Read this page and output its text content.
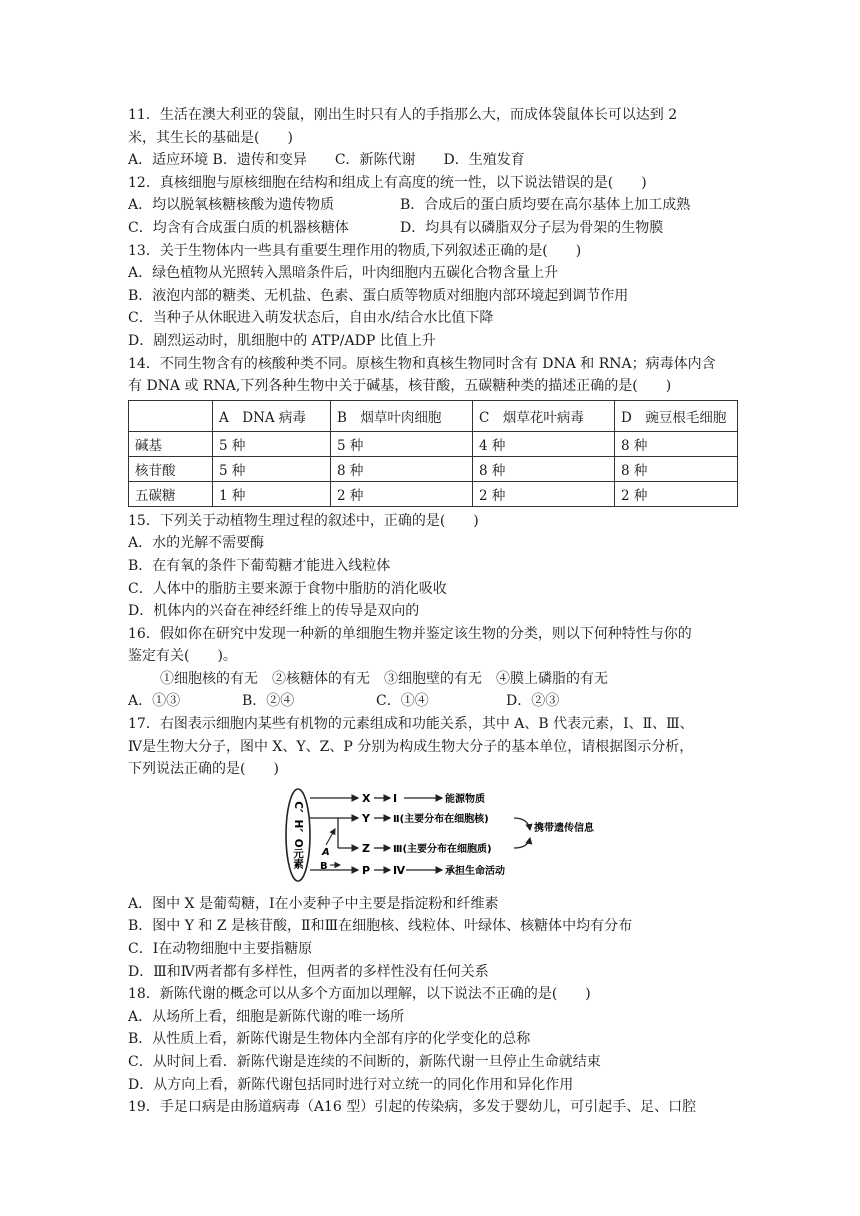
11．生活在澳大利亚的袋鼠，刚出生时只有人的手指那么大，而成体袋鼠体长可以达到 2
米，其生长的基础是(　　)
A．适应环境 B．遗传和变异　　C．新陈代谢　　D．生殖发育
12．真核细胞与原核细胞在结构和组成上有高度的统一性，以下说法错误的是(　　)
A．均以脱氧核糖核酸为遗传物质	B．合成后的蛋白质均要在高尔基体上加工成熟
C．均含有合成蛋白质的机器核糖体	D．均具有以磷脂双分子层为骨架的生物膜
13．关于生物体内一些具有重要生理作用的物质,下列叙述正确的是(　　)
A．绿色植物从光照转入黑暗条件后，叶肉细胞内五碳化合物含量上升
B．液泡内部的糖类、无机盐、色素、蛋白质等物质对细胞内部环境起到调节作用
C．当种子从休眠进入萌发状态后，自由水/结合水比值下降
D．剧烈运动时，肌细胞中的 ATP/ADP 比值上升
14．不同生物含有的核酸种类不同。原核生物和真核生物同时含有 DNA 和 RNA；病毒体内含
有 DNA 或 RNA,下列各种生物中关于碱基，核苷酸，五碳糖种类的描述正确的是(　　)
	A　DNA 病毒	B　烟草叶肉细胞	C　烟草花叶病毒	D　豌豆根毛细胞
碱基	5 种	5 种	4 种	8 种
核苷酸	5 种	8 种	8 种	8 种
五碳糖	1 种	2 种	2 种	2 种
15．下列关于动植物生理过程的叙述中，正确的是(　　)
A．水的光解不需要酶
B．在有氧的条件下葡萄糖才能进入线粒体
C．人体中的脂肪主要来源于食物中脂肪的消化吸收
D．机体内的兴奋在神经纤维上的传导是双向的
16．假如你在研究中发现一种新的单细胞生物并鉴定该生物的分类，则以下何种特性与你的
鉴定有关(　　)。
①细胞核的有无　②核糖体的有无　③细胞壁的有无　④膜上磷脂的有无
A．①③	B．②④	C．①④	D．②③
17．右图表示细胞内某些有机物的元素组成和功能关系，其中 A、B 代表元素，Ⅰ、Ⅱ、Ⅲ、
Ⅳ是生物大分子，图中 X、Y、Z、P 分别为构成生物大分子的基本单位，请根据图示分析，
下列说法正确的是(　　)
C、H、O元素 A
B
X
Y
Z
P
Ⅰ	能源物质
Ⅱ(主要分布在细胞核)
Ⅲ(主要分布在细胞质)
Ⅳ	承担生命活动
携带遗传信息
A．图中 X 是葡萄糖，Ⅰ在小麦种子中主要是指淀粉和纤维素
B．图中 Y 和 Z 是核苷酸，Ⅱ和Ⅲ在细胞核、线粒体、叶绿体、核糖体中均有分布
C．Ⅰ在动物细胞中主要指糖原
D．Ⅲ和Ⅳ两者都有多样性，但两者的多样性没有任何关系
18．新陈代谢的概念可以从多个方面加以理解，以下说法不正确的是(　　)
A．从场所上看，细胞是新陈代谢的唯一场所
B．从性质上看，新陈代谢是生物体内全部有序的化学变化的总称
C．从时间上看．新陈代谢是连续的不间断的，新陈代谢一旦停止生命就结束
D．从方向上看，新陈代谢包括同时进行对立统一的同化作用和异化作用
19．手足口病是由肠道病毒（A16 型）引起的传染病，多发于婴幼儿，可引起手、足、口腔
